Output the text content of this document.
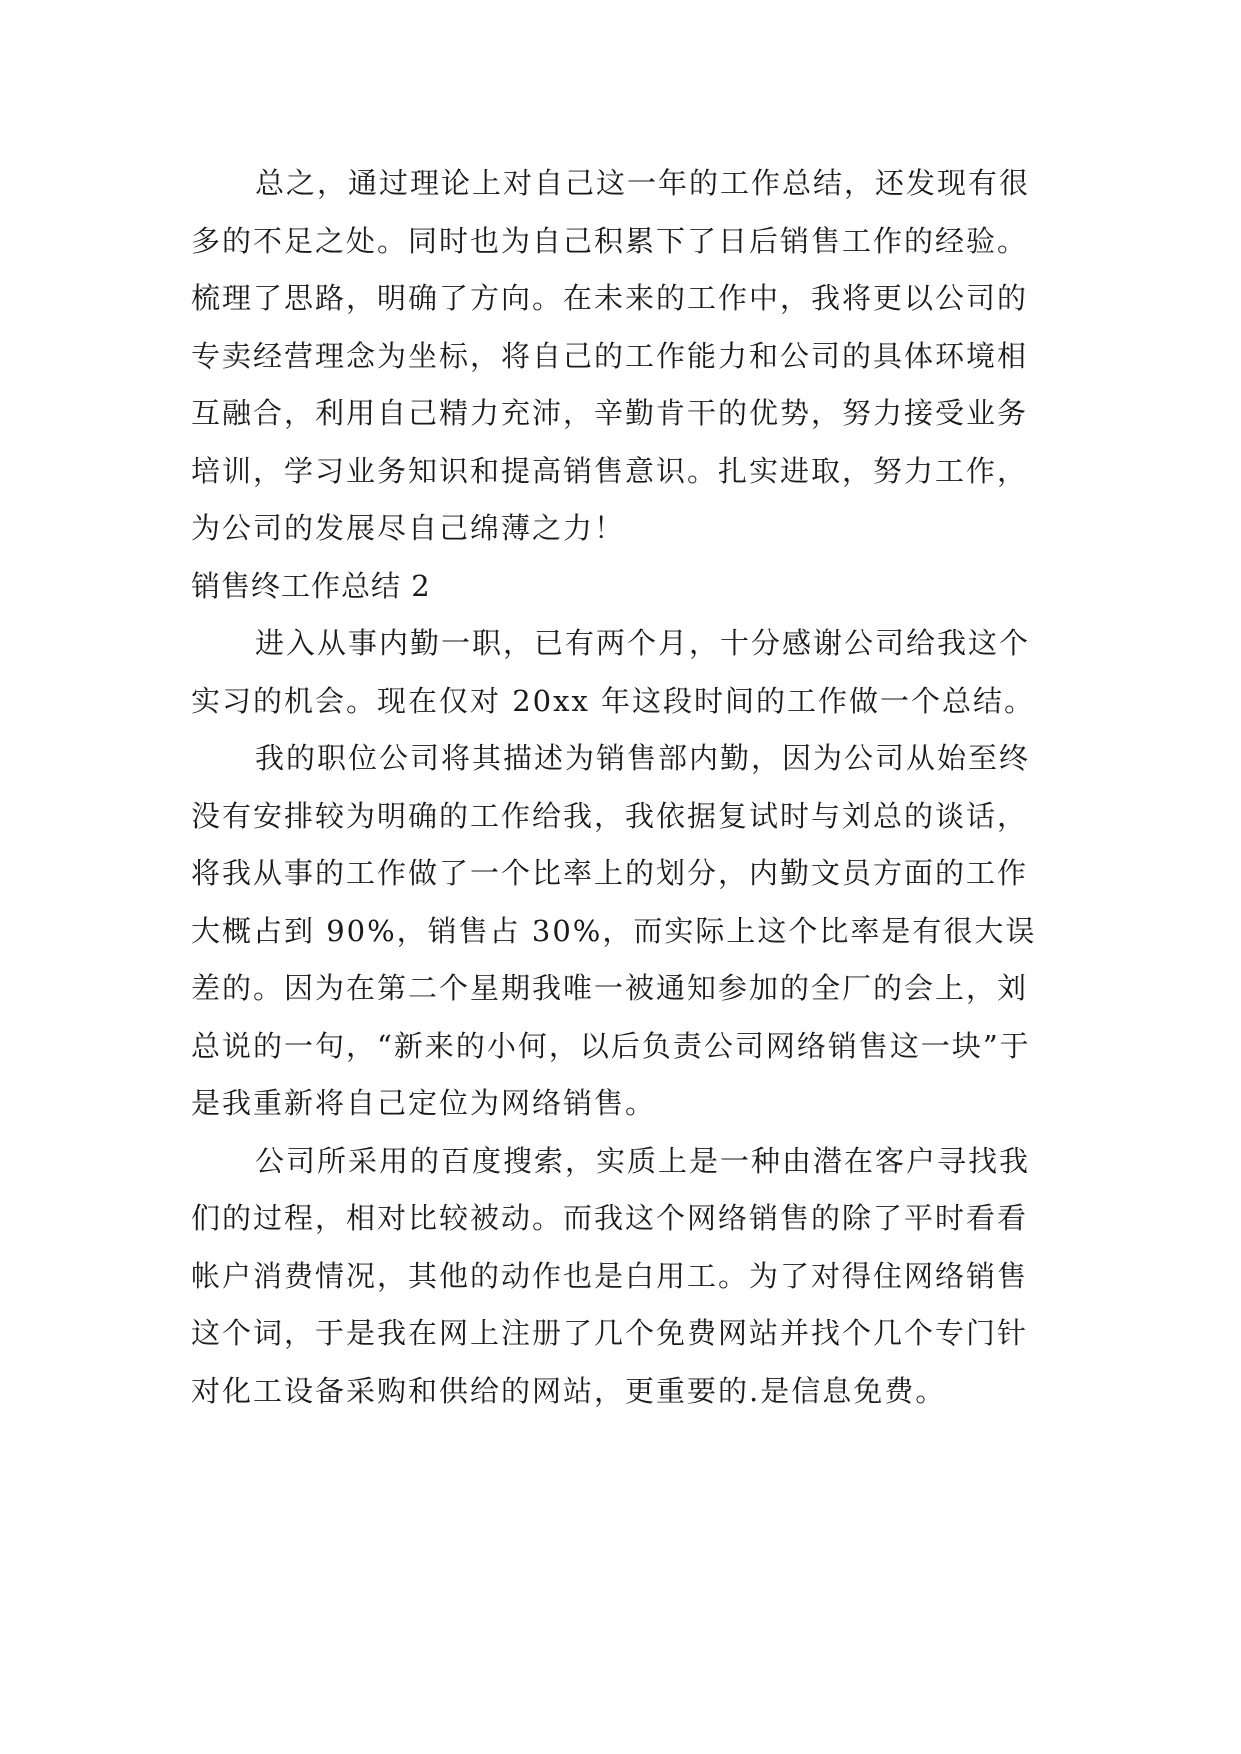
总之，通过理论上对自己这一年的工作总结，还发现有很多的不足之处。同时也为自己积累下了日后销售工作的经验。梳理了思路，明确了方向。在未来的工作中，我将更以公司的专卖经营理念为坐标，将自己的工作能力和公司的具体环境相互融合，利用自己精力充沛，辛勤肯干的优势，努力接受业务培训，学习业务知识和提高销售意识。扎实进取，努力工作，为公司的发展尽自己绵薄之力！

销售终工作总结 2

进入从事内勤一职，已有两个月，十分感谢公司给我这个实习的机会。现在仅对 20xx 年这段时间的工作做一个总结。

我的职位公司将其描述为销售部内勤，因为公司从始至终没有安排较为明确的工作给我，我依据复试时与刘总的谈话，将我从事的工作做了一个比率上的划分，内勤文员方面的工作大概占到 90%，销售占 30%，而实际上这个比率是有很大误差的。因为在第二个星期我唯一被通知参加的全厂的会上，刘总说的一句，“新来的小何，以后负责公司网络销售这一块”于是我重新将自己定位为网络销售。

公司所采用的百度搜索，实质上是一种由潜在客户寻找我们的过程，相对比较被动。而我这个网络销售的除了平时看看帐户消费情况，其他的动作也是白用工。为了对得住网络销售这个词，于是我在网上注册了几个免费网站并找个几个专门针对化工设备采购和供给的网站，更重要的.是信息免费。
